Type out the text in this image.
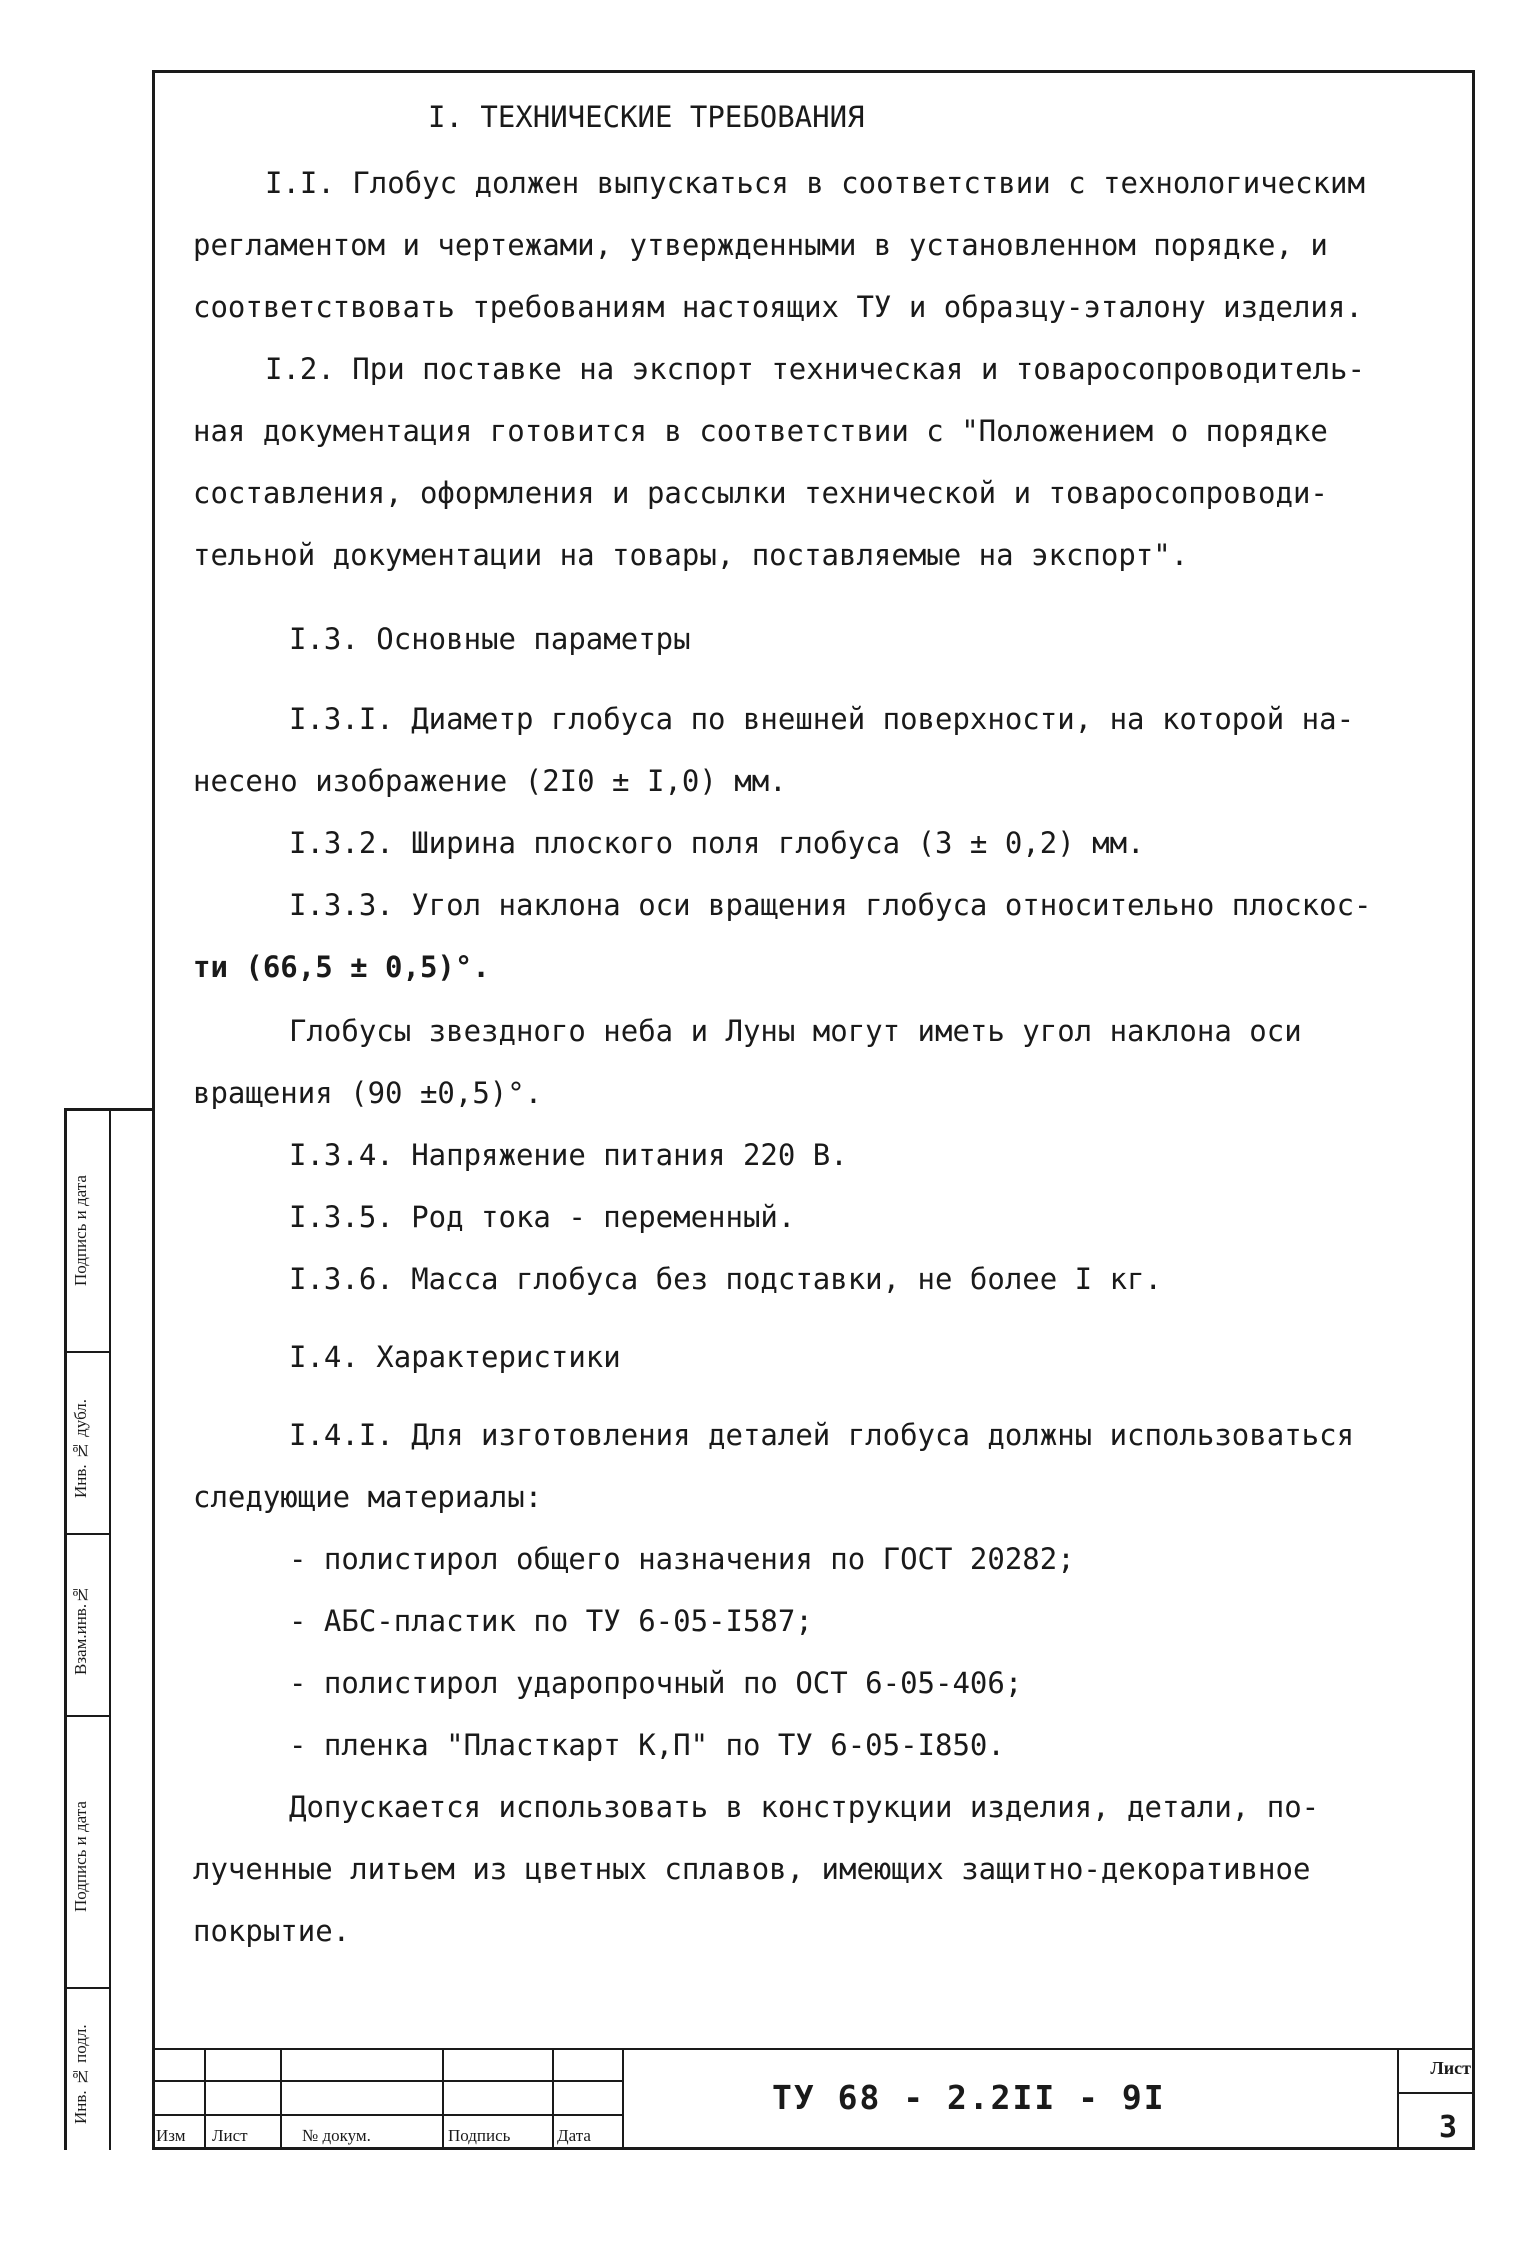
I. ТЕХНИЧЕСКИЕ ТРЕБОВАНИЯ
I.I. Глобус должен выпускаться в соответствии с технологическим
регламентом и чертежами, утвержденными в установленном порядке, и
соответствовать требованиям настоящих ТУ и образцу-эталону изделия.
I.2. При поставке на экспорт техническая и товаросопроводитель-
ная документация готовится в соответствии с "Положением о порядке
составления, оформления и рассылки технической и товаросопроводи-
тельной документации на товары, поставляемые на экспорт".
I.3. Основные параметры
I.3.I. Диаметр глобуса по внешней поверхности, на которой на-
несено изображение (2I0 ± I,0) мм.
I.3.2. Ширина плоского поля глобуса (3 ± 0,2) мм.
I.3.3. Угол наклона оси вращения глобуса относительно плоскос-
ти (66,5 ± 0,5)°.
Глобусы звездного неба и Луны могут иметь угол наклона оси
вращения (90 ±0,5)°.
I.3.4. Напряжение питания 220 В.
I.3.5. Род тока - переменный.
I.3.6. Масса глобуса без подставки, не более I кг.
I.4. Характеристики
I.4.I. Для изготовления деталей глобуса должны использоваться
следующие материалы:
- полистирол общего назначения по ГОСТ 20282;
- АБС-пластик по ТУ 6-05-I587;
- полистирол ударопрочный по ОСТ 6-05-406;
- пленка "Пласткарт К,П" по ТУ 6-05-I850.
Допускается использовать в конструкции изделия, детали, по-
лученные литьем из цветных сплавов, имеющих защитно-декоративное
покрытие.
Подпись и дата
Инв. № дубл.
Взам.инв.№
Подпись и дата
Инв. № подл.
Изм Лист	№ докум.	Подпись	Дата
ТУ 68 - 2.2II - 9I
Лист
3
